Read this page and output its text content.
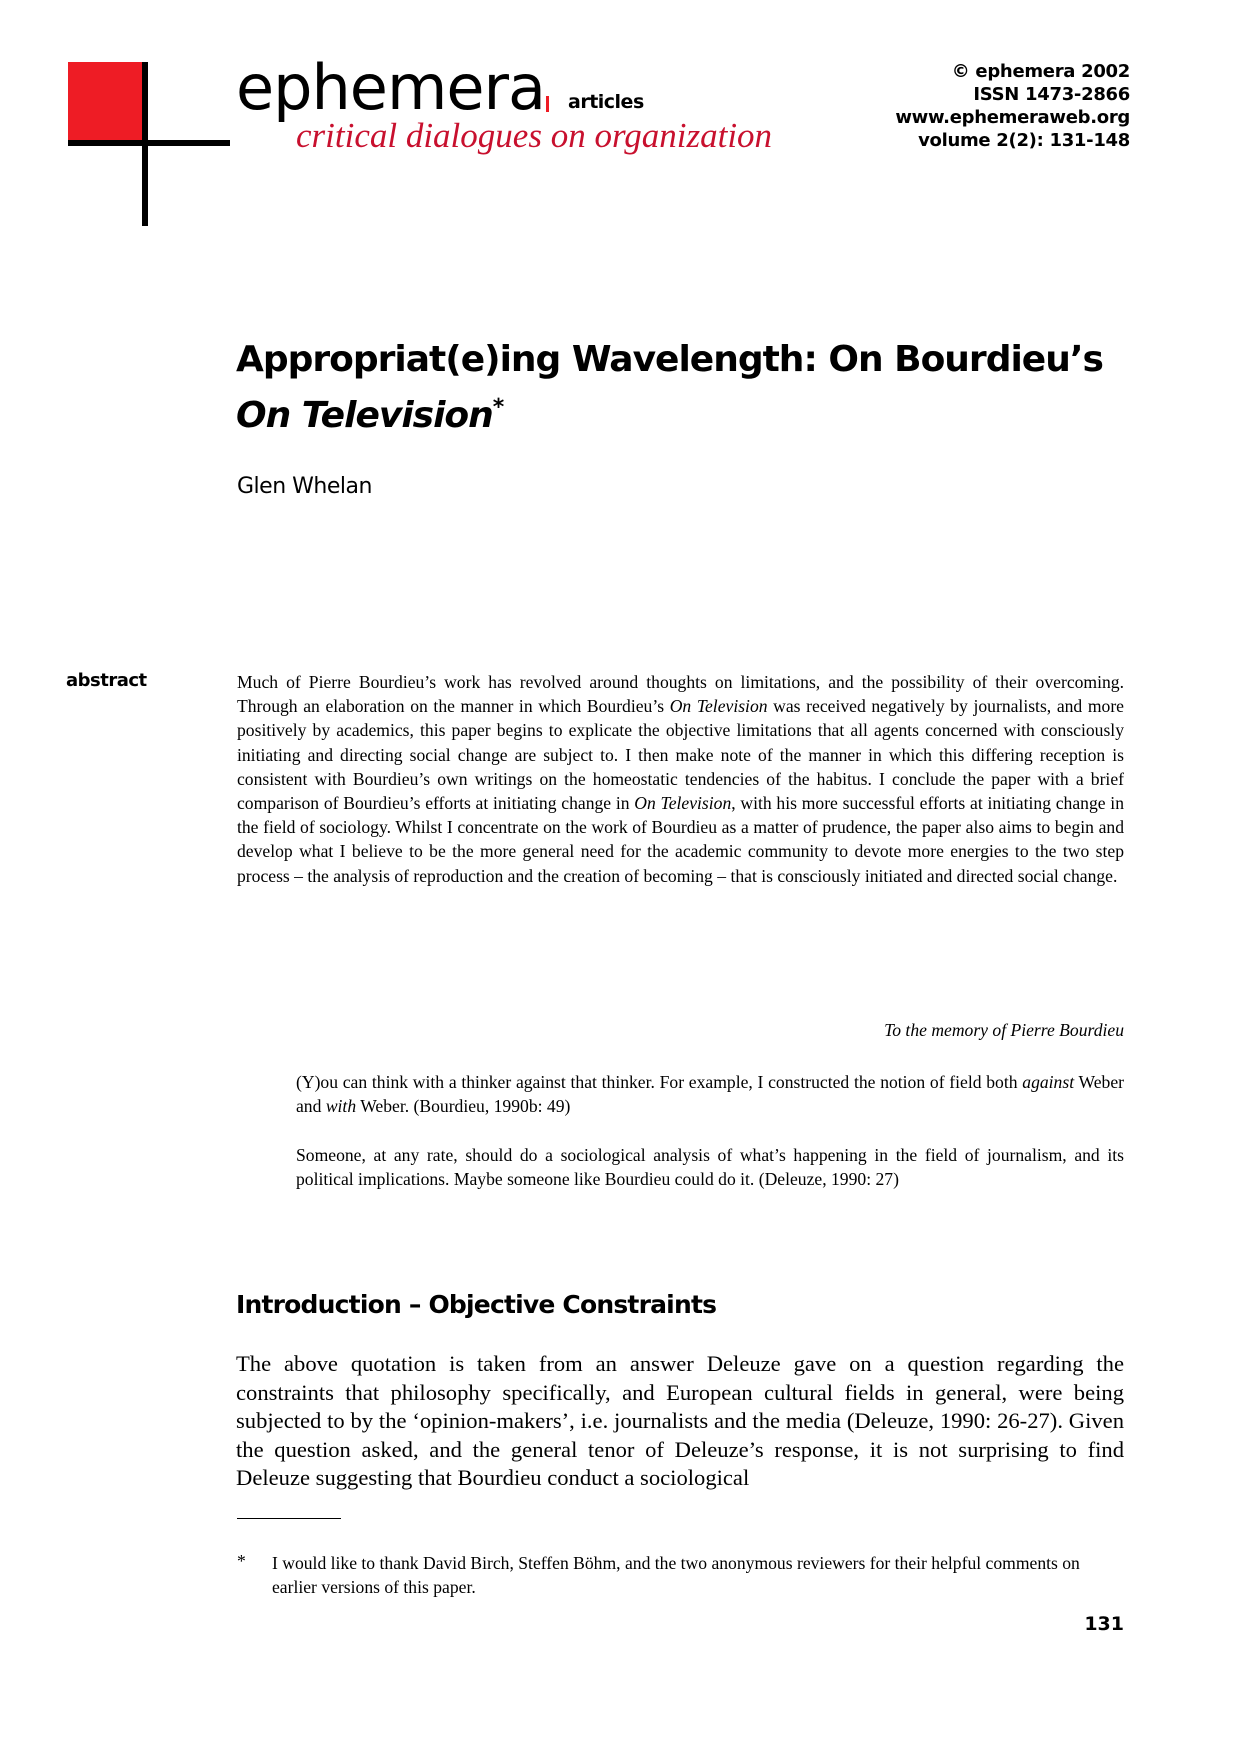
ephemera articles
critical dialogues on organization
© ephemera 2002
ISSN 1473-2866
www.ephemeraweb.org
volume 2(2): 131-148
Appropriat(e)ing Wavelength: On Bourdieu’s
On Television*
Glen Whelan
abstract	Much of Pierre Bourdieu’s work has revolved around thoughts on limitations, and the possibility of their overcoming. Through an elaboration on the manner in which Bourdieu’s On Television was received negatively by journalists, and more positively by academics, this paper begins to explicate the objective limitations that all agents concerned with consciously initiating and directing social change are subject to. I then make note of the manner in which this differing reception is consistent with Bourdieu’s own writings on the homeostatic tendencies of the habitus. I conclude the paper with a brief comparison of Bourdieu’s efforts at initiating change in On Television, with his more successful efforts at initiating change in the field of sociology. Whilst I concentrate on the work of Bourdieu as a matter of prudence, the paper also aims to begin and develop what I believe to be the more general need for the academic community to devote more energies to the two step process – the analysis of reproduction and the creation of becoming – that is consciously initiated and directed social change.
To the memory of Pierre Bourdieu
(Y)ou can think with a thinker against that thinker. For example, I constructed the notion of field both against Weber and with Weber. (Bourdieu, 1990b: 49)
Someone, at any rate, should do a sociological analysis of what’s happening in the field of journalism, and its political implications. Maybe someone like Bourdieu could do it. (Deleuze, 1990: 27)
Introduction – Objective Constraints
The above quotation is taken from an answer Deleuze gave on a question regarding the constraints that philosophy specifically, and European cultural fields in general, were being subjected to by the ‘opinion-makers’, i.e. journalists and the media (Deleuze, 1990: 26-27). Given the question asked, and the general tenor of Deleuze’s response, it is not surprising to find Deleuze suggesting that Bourdieu conduct a sociological
* I would like to thank David Birch, Steffen Böhm, and the two anonymous reviewers for their helpful comments on earlier versions of this paper.
131
